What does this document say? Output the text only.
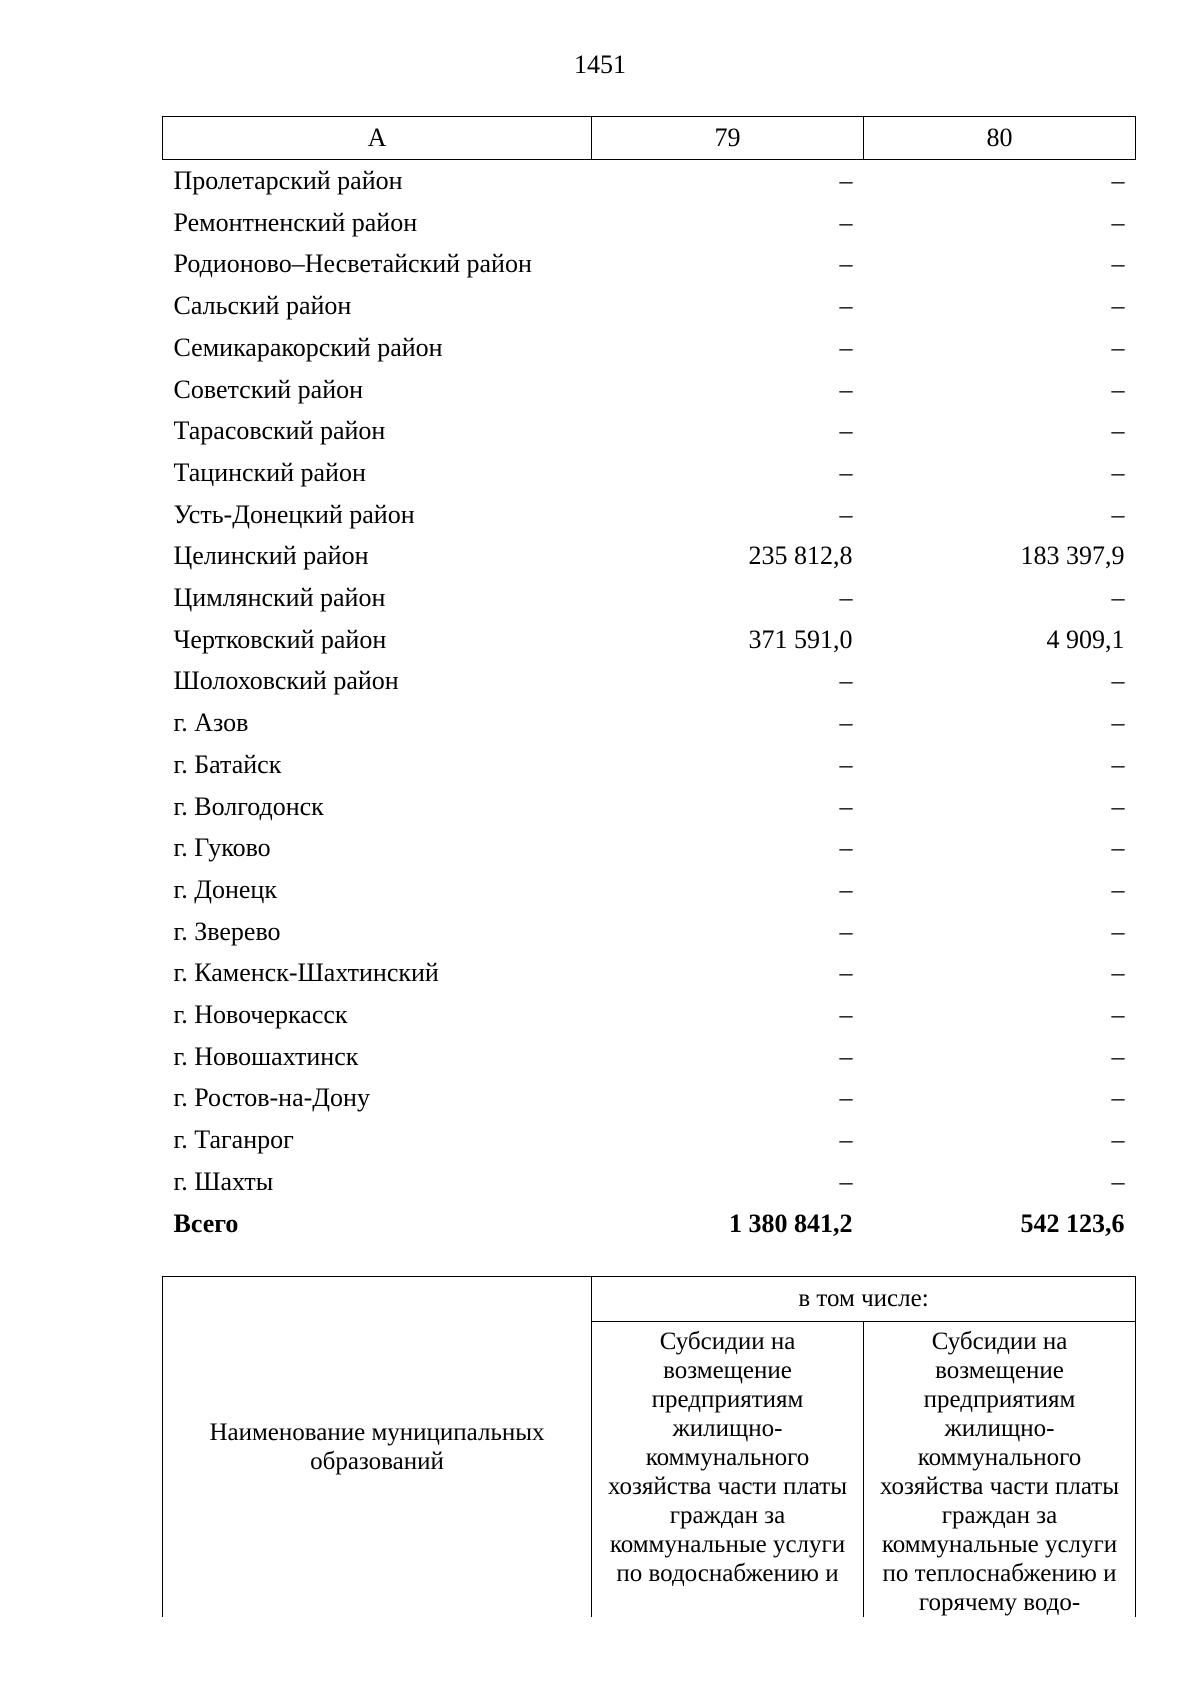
1451
А	79	80
Пролетарский район	–	–
Ремонтненский район	–	–
Родионово–Несветайский район	–	–
Сальский район	–	–
Семикаракорский район	–	–
Советский район	–	–
Тарасовский район	–	–
Тацинский район	–	–
Усть-Донецкий район	–	–
Целинский район	235 812,8	183 397,9
Цимлянский район	–	–
Чертковский район	371 591,0	4 909,1
Шолоховский район	–	–
г. Азов	–	–
г. Батайск	–	–
г. Волгодонск	–	–
г. Гуково	–	–
г. Донецк	–	–
г. Зверево	–	–
г. Каменск-Шахтинский	–	–
г. Новочеркасск	–	–
г. Новошахтинск	–	–
г. Ростов-на-Дону	–	–
г. Таганрог	–	–
г. Шахты	–	–
Всего	1 380 841,2	542 123,6
Наименование муниципальных образований	в том числе:	
	Субсидии на возмещение предприятиям жилищно-коммунального хозяйства части платы граждан за коммунальные услуги по водоснабжению и	Субсидии на возмещение предприятиям жилищно-коммунального хозяйства части платы граждан за коммунальные услуги по теплоснабжению и горячему водо-
